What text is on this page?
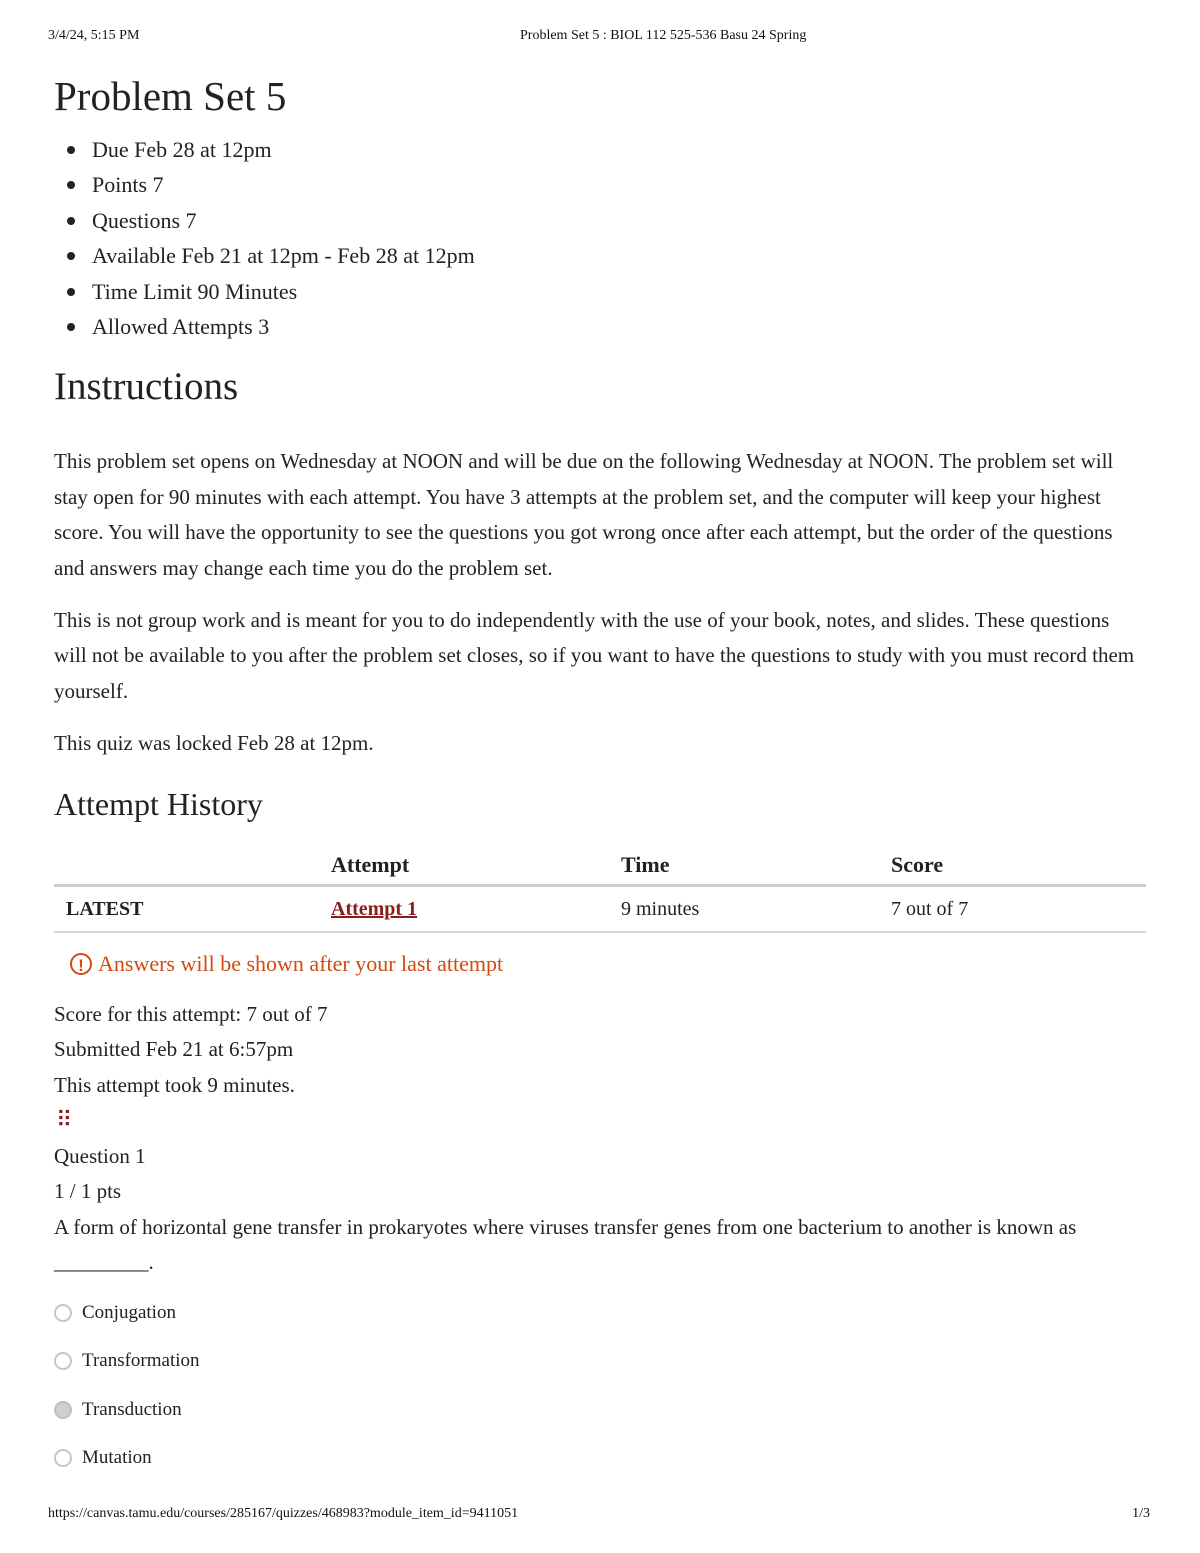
3/4/24, 5:15 PM	Problem Set 5 : BIOL 112 525-536 Basu 24 Spring
Problem Set 5
Due Feb 28 at 12pm
Points 7
Questions 7
Available Feb 21 at 12pm - Feb 28 at 12pm
Time Limit 90 Minutes
Allowed Attempts 3
Instructions

This problem set opens on Wednesday at NOON and will be due on the following Wednesday at NOON. The problem set will stay open for 90 minutes with each attempt. You have 3 attempts at the problem set, and the computer will keep your highest score. You will have the opportunity to see the questions you got wrong once after each attempt, but the order of the questions and answers may change each time you do the problem set.

This is not group work and is meant for you to do independently with the use of your book, notes, and slides. These questions will not be available to you after the problem set closes, so if you want to have the questions to study with you must record them yourself.

This quiz was locked Feb 28 at 12pm.

Attempt History
	Attempt	Time	Score
LATEST	Attempt 1	9 minutes	7 out of 7
! Answers will be shown after your last attempt
Score for this attempt: 7 out of 7
Submitted Feb 21 at 6:57pm
This attempt took 9 minutes.
⠿
Question 1
1 / 1 pts
A form of horizontal gene transfer in prokaryotes where viruses transfer genes from one bacterium to another is known as _________.
Conjugation
Transformation
Transduction
Mutation
https://canvas.tamu.edu/courses/285167/quizzes/468983?module_item_id=9411051	1/3
